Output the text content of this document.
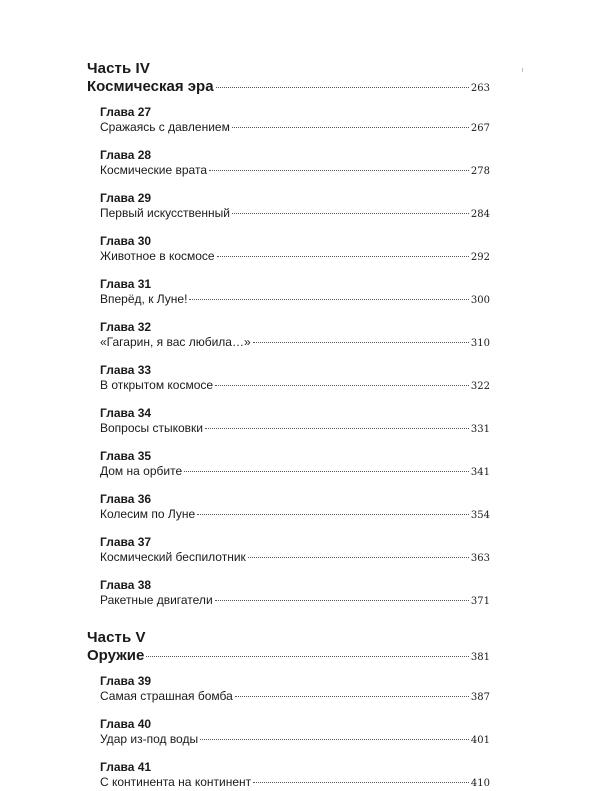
Часть IV
Космическая эра	263
Глава 27
Сражаясь с давлением	267
Глава 28
Космические врата	278
Глава 29
Первый искусственный	284
Глава 30
Животное в космосе	292
Глава 31
Вперёд, к Луне!	300
Глава 32
«Гагарин, я вас любила…»	310
Глава 33
В открытом космосе	322
Глава 34
Вопросы стыковки	331
Глава 35
Дом на орбите	341
Глава 36
Колесим по Луне	354
Глава 37
Космический беспилотник	363
Глава 38
Ракетные двигатели	371
Часть V
Оружие	381
Глава 39
Самая страшная бомба	387
Глава 40
Удар из-под воды	401
Глава 41
С континента на континент	410
